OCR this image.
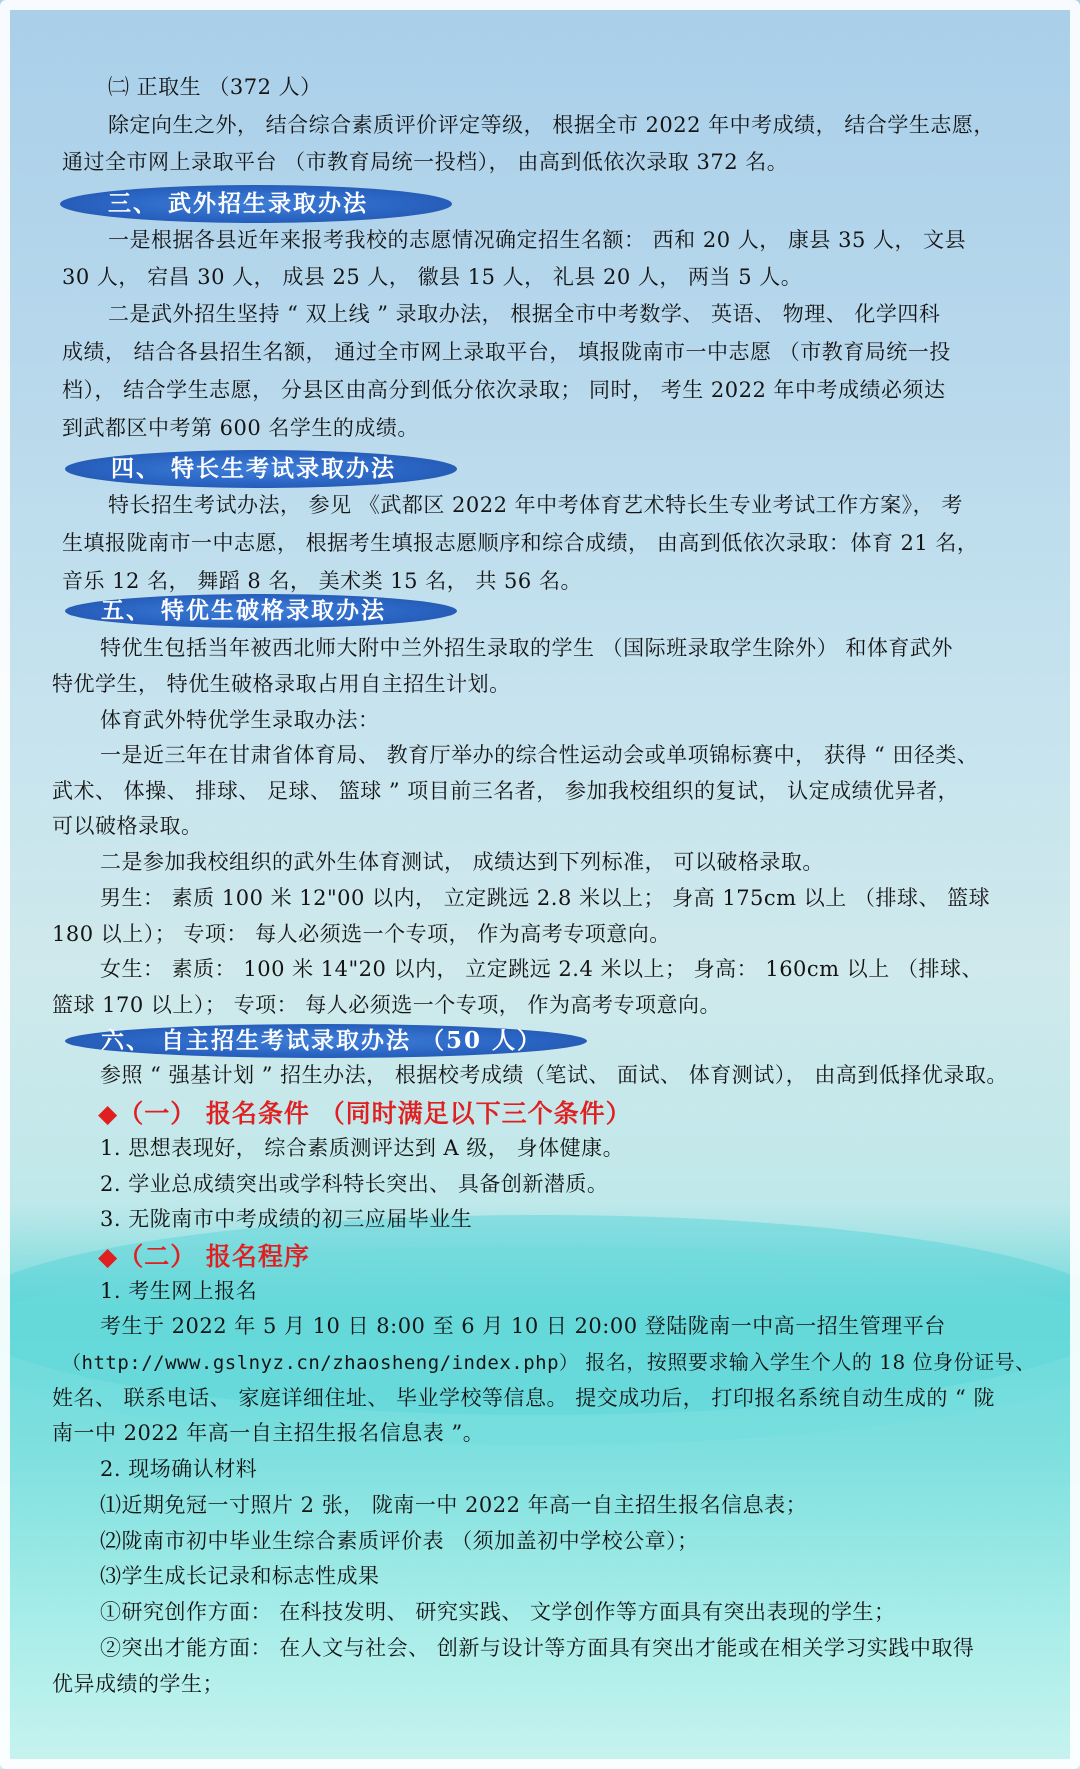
㈡ 正取生 （372 人）

除定向生之外， 结合综合素质评价评定等级， 根据全市 2022 年中考成绩， 结合学生志愿，

通过全市网上录取平台 （市教育局统一投档）， 由高到低依次录取 372 名。

三、 武外招生录取办法

一是根据各县近年来报考我校的志愿情况确定招生名额： 西和 20 人， 康县 35 人， 文县

30 人， 宕昌 30 人， 成县 25 人， 徽县 15 人， 礼县 20 人， 两当 5 人。

二是武外招生坚持 “ 双上线 ” 录取办法， 根据全市中考数学、 英语、 物理、 化学四科

成绩， 结合各县招生名额， 通过全市网上录取平台， 填报陇南市一中志愿 （市教育局统一投

档）， 结合学生志愿， 分县区由高分到低分依次录取； 同时， 考生 2022 年中考成绩必须达

到武都区中考第 600 名学生的成绩。

四、 特长生考试录取办法

特长招生考试办法， 参见 《武都区 2022 年中考体育艺术特长生专业考试工作方案》， 考

生填报陇南市一中志愿， 根据考生填报志愿顺序和综合成绩， 由高到低依次录取：体育 21 名，

音乐 12 名， 舞蹈 8 名， 美术类 15 名， 共 56 名。

五、 特优生破格录取办法

特优生包括当年被西北师大附中兰外招生录取的学生 （国际班录取学生除外） 和体育武外

特优学生， 特优生破格录取占用自主招生计划。

体育武外特优学生录取办法：

一是近三年在甘肃省体育局、 教育厅举办的综合性运动会或单项锦标赛中， 获得 “ 田径类、

武术、 体操、 排球、 足球、 篮球 ” 项目前三名者， 参加我校组织的复试， 认定成绩优异者，

可以破格录取。

二是参加我校组织的武外生体育测试， 成绩达到下列标准， 可以破格录取。

男生： 素质 100 米 12"00 以内， 立定跳远 2.8 米以上； 身高 175cm 以上 （排球、 篮球

180 以上）； 专项： 每人必须选一个专项， 作为高考专项意向。

女生： 素质： 100 米 14"20 以内， 立定跳远 2.4 米以上； 身高： 160cm 以上 （排球、

篮球 170 以上）； 专项： 每人必须选一个专项， 作为高考专项意向。

六、 自主招生考试录取办法 （50 人）

参照 “ 强基计划 ” 招生办法， 根据校考成绩（笔试、 面试、 体育测试）， 由高到低择优录取。

◆（一） 报名条件 （同时满足以下三个条件）

1. 思想表现好， 综合素质测评达到 A 级， 身体健康。

2. 学业总成绩突出或学科特长突出、 具备创新潜质。

3. 无陇南市中考成绩的初三应届毕业生

◆（二） 报名程序

1. 考生网上报名

考生于 2022 年 5 月 10 日 8:00 至 6 月 10 日 20:00 登陆陇南一中高一招生管理平台

（http://www.gslnyz.cn/zhaosheng/index.php） 报名，按照要求输入学生个人的 18 位身份证号、

姓名、 联系电话、 家庭详细住址、 毕业学校等信息。 提交成功后， 打印报名系统自动生成的 “ 陇

南一中 2022 年高一自主招生报名信息表 ”。

2. 现场确认材料

⑴近期免冠一寸照片 2 张， 陇南一中 2022 年高一自主招生报名信息表；

⑵陇南市初中毕业生综合素质评价表 （须加盖初中学校公章）；

⑶学生成长记录和标志性成果

①研究创作方面： 在科技发明、 研究实践、 文学创作等方面具有突出表现的学生；

②突出才能方面： 在人文与社会、 创新与设计等方面具有突出才能或在相关学习实践中取得

优异成绩的学生；
